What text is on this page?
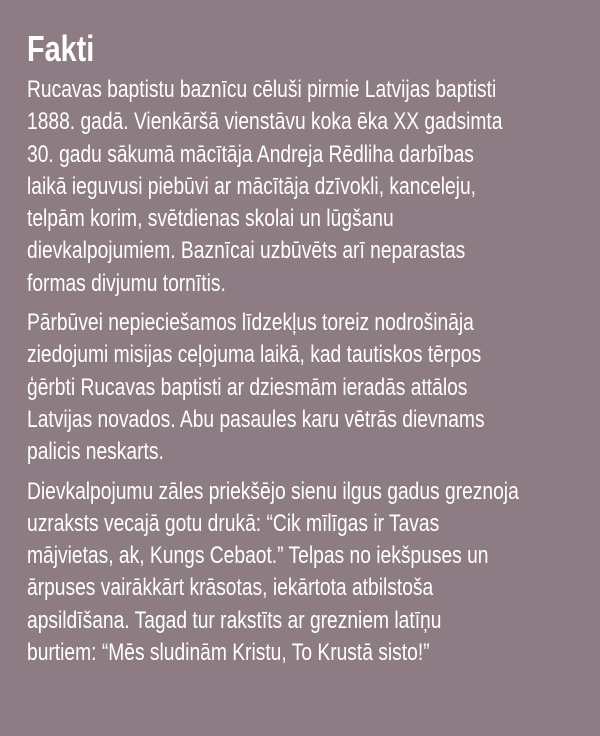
Fakti

Rucavas baptistu baznīcu cēluši pirmie Latvijas baptisti
1888. gadā. Vienkāršā vienstāvu koka ēka XX gadsimta
30. gadu sākumā mācītāja Andreja Rēdliha darbības
laikā ieguvusi piebūvi ar mācītāja dzīvokli, kanceleju,
telpām korim, svētdienas skolai un lūgšanu
dievkalpojumiem. Baznīcai uzbūvēts arī neparastas
formas divjumu tornītis.

Pārbūvei nepieciešamos līdzekļus toreiz nodrošināja
ziedojumi misijas ceļojuma laikā, kad tautiskos tērpos
ģērbti Rucavas baptisti ar dziesmām ieradās attālos
Latvijas novados. Abu pasaules karu vētrās dievnams
palicis neskarts.

Dievkalpojumu zāles priekšējo sienu ilgus gadus greznoja
uzraksts vecajā gotu drukā: “Cik mīlīgas ir Tavas
mājvietas, ak, Kungs Cebaot.” Telpas no iekšpuses un
ārpuses vairākkārt krāsotas, iekārtota atbilstoša
apsildīšana. Tagad tur rakstīts ar grezniem latīņu
burtiem: “Mēs sludinām Kristu, To Krustā sisto!”
